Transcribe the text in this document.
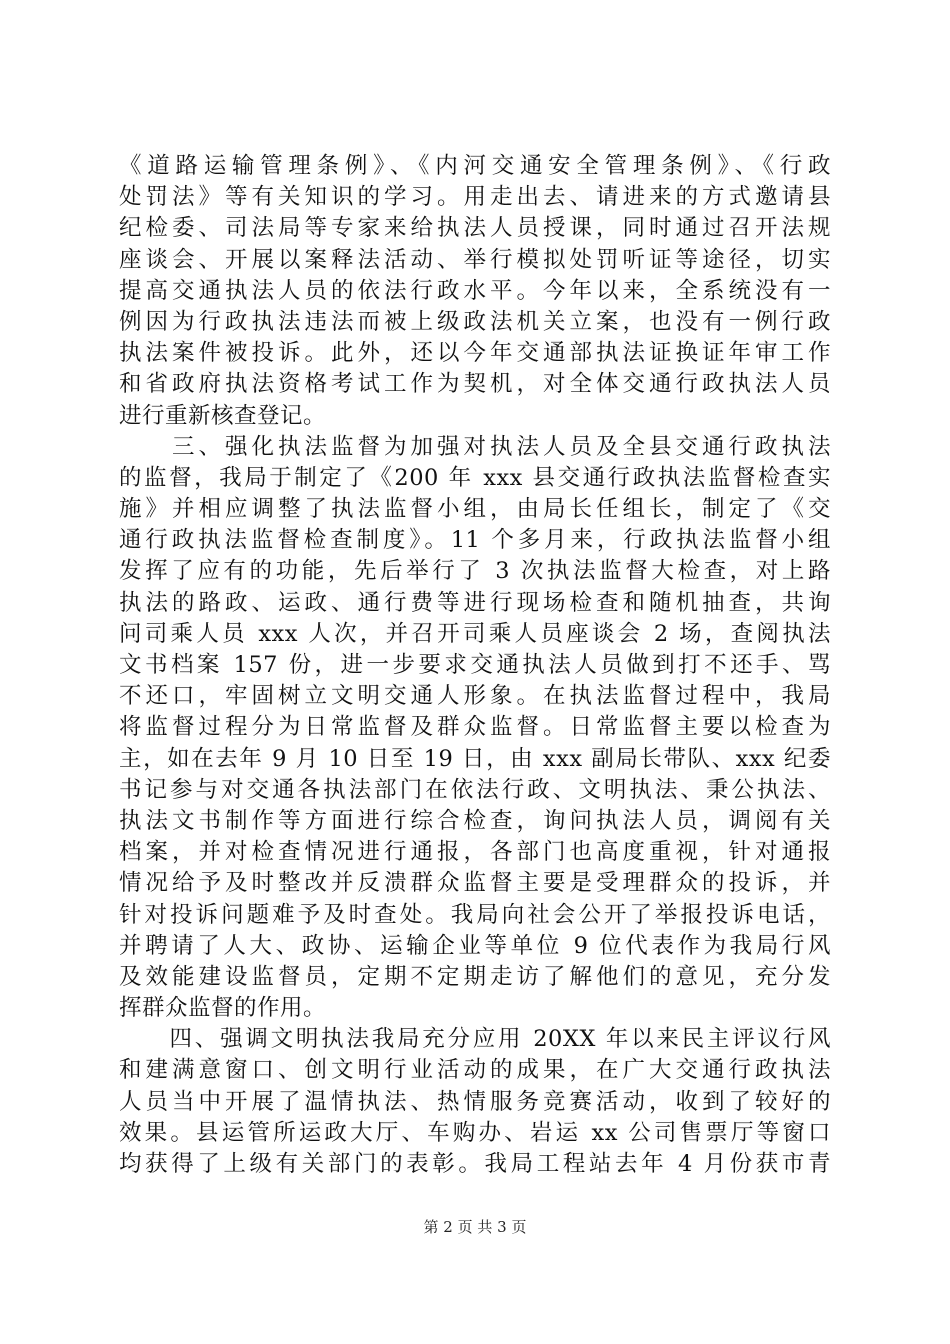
《道路运输管理条例》、《内河交通安全管理条例》、《行政
处罚法》等有关知识的学习。用走出去、请进来的方式邀请县
纪检委、司法局等专家来给执法人员授课，同时通过召开法规
座谈会、开展以案释法活动、举行模拟处罚听证等途径，切实
提高交通执法人员的依法行政水平。今年以来，全系统没有一
例因为行政执法违法而被上级政法机关立案，也没有一例行政
执法案件被投诉。此外，还以今年交通部执法证换证年审工作
和省政府执法资格考试工作为契机，对全体交通行政执法人员
进行重新核查登记。
　　三、强化执法监督为加强对执法人员及全县交通行政执法
的监督，我局于制定了《200 年 xxx 县交通行政执法监督检查实
施》并相应调整了执法监督小组，由局长任组长，制定了《交
通行政执法监督检查制度》。11 个多月来，行政执法监督小组
发挥了应有的功能，先后举行了 3 次执法监督大检查，对上路
执法的路政、运政、通行费等进行现场检查和随机抽查，共询
问司乘人员 xxx 人次，并召开司乘人员座谈会 2 场，查阅执法
文书档案 157 份，进一步要求交通执法人员做到打不还手、骂
不还口，牢固树立文明交通人形象。在执法监督过程中，我局
将监督过程分为日常监督及群众监督。日常监督主要以检查为
主，如在去年 9 月 10 日至 19 日，由 xxx 副局长带队、xxx 纪委
书记参与对交通各执法部门在依法行政、文明执法、秉公执法、
执法文书制作等方面进行综合检查，询问执法人员，调阅有关
档案，并对检查情况进行通报，各部门也高度重视，针对通报
情况给予及时整改并反溃群众监督主要是受理群众的投诉，并
针对投诉问题难予及时查处。我局向社会公开了举报投诉电话，
并聘请了人大、政协、运输企业等单位 9 位代表作为我局行风
及效能建设监督员，定期不定期走访了解他们的意见，充分发
挥群众监督的作用。
　　四、强调文明执法我局充分应用 20XX 年以来民主评议行风
和建满意窗口、创文明行业活动的成果，在广大交通行政执法
人员当中开展了温情执法、热情服务竞赛活动，收到了较好的
效果。县运管所运政大厅、车购办、岩运 xx 公司售票厅等窗口
均获得了上级有关部门的表彰。我局工程站去年 4 月份获市青
第 2 页 共 3 页
